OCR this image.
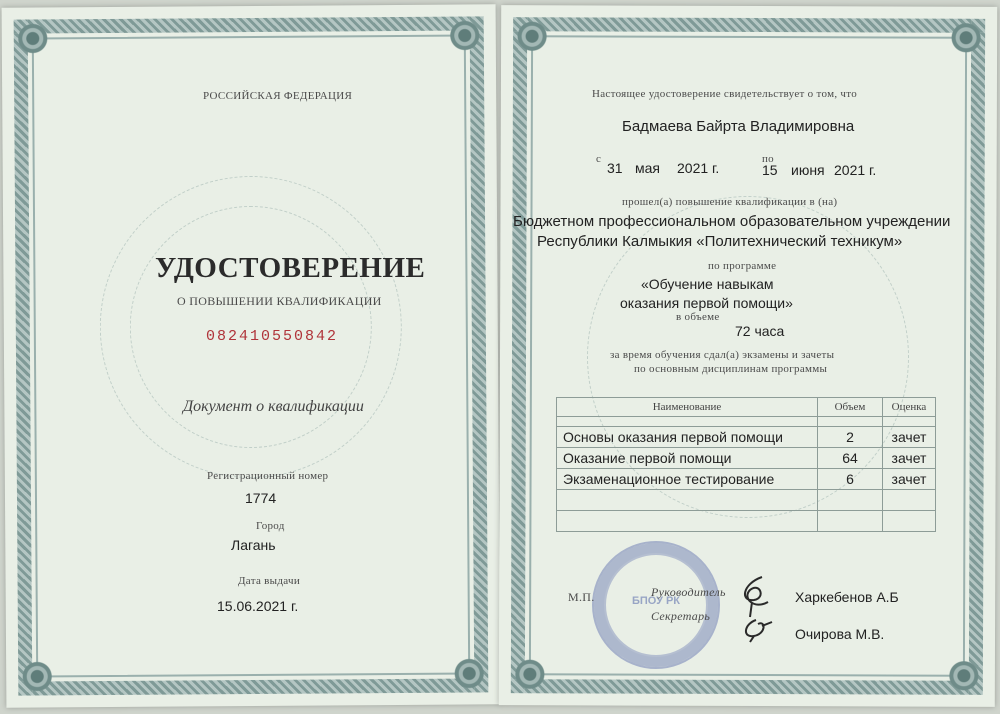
РОССИЙСКАЯ ФЕДЕРАЦИЯ
УДОСТОВЕРЕНИЕ
О ПОВЫШЕНИИ КВАЛИФИКАЦИИ
082410550842
Документ о квалификации
Регистрационный номер
1774
Город
Лагань
Дата выдачи
15.06.2021 г.
Настоящее удостоверение свидетельствует о том, что
Бадмаева Байрта Владимировна
с
31 мая 2021 г.
по
15 июня 2021 г.
прошел(а) повышение квалификации в (на)
Бюджетном профессиональном образовательном учреждении
Республики Калмыкия «Политехнический техникум»
по программе
«Обучение навыкам
оказания первой помощи»
в объеме
72 часа
за время обучения сдал(а) экзамены и зачеты
по основным дисциплинам программы
Наименование	Объем	Оценка

Основы оказания первой помощи	2	зачет
Оказание первой помощи	64	зачет
Экзаменационное тестирование	6	зачет

БПОУ РК
М.П.	Руководитель
Секретарь
Харкебенов А.Б
Очирова М.В.
